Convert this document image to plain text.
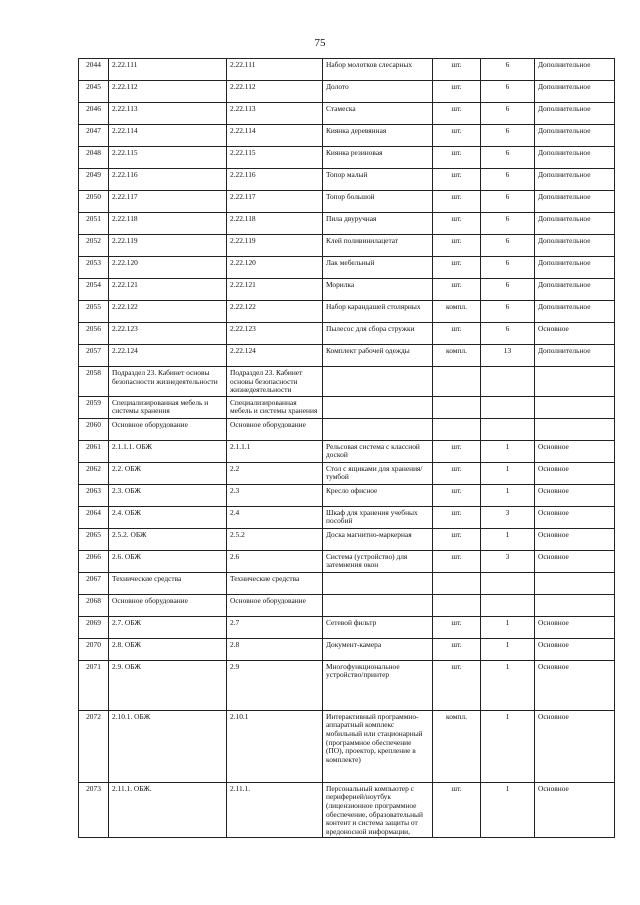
75
2044	2.22.111	2.22.111	Набор молотков слесарных	шт.	6	Дополнительное
2045	2.22.112	2.22.112	Долото	шт.	6	Дополнительное
2046	2.22.113	2.22.113	Стамеска	шт.	6	Дополнительное
2047	2.22.114	2.22.114	Киянка деревянная	шт.	6	Дополнительное
2048	2.22.115	2.22.115	Киянка резиновая	шт.	6	Дополнительное
2049	2.22.116	2.22.116	Топор малый	шт.	6	Дополнительное
2050	2.22.117	2.22.117	Топор большой	шт.	6	Дополнительное
2051	2.22.118	2.22.118	Пила двуручная	шт.	6	Дополнительное
2052	2.22.119	2.22.119	Клей поливинилацетат	шт.	6	Дополнительное
2053	2.22.120	2.22.120	Лак мебельный	шт.	6	Дополнительное
2054	2.22.121	2.22.121	Морилка	шт.	6	Дополнительное
2055	2.22.122	2.22.122	Набор карандашей столярных	компл.	6	Дополнительное
2056	2.22.123	2.22.123	Пылесос для сбора стружки	шт.	6	Основное
2057	2.22.124	2.22.124	Комплект рабочей одежды	компл.	13	Дополнительное
2058	Подраздел 23. Кабинет основы безопасности жизнедеятельности	Подраздел 23. Кабинет основы безопасности жизнедеятельности				
2059	Специализированная мебель и системы хранения	Специализированная мебель и системы хранения				
2060	Основное оборудование	Основное оборудование				
2061	2.1.1.1. ОБЖ	2.1.1.1	Рельсовая система с классной доской	шт.	1	Основное
2062	2.2. ОБЖ	2.2	Стол с ящиками для хранения/тумбой	шт.	1	Основное
2063	2.3. ОБЖ	2.3	Кресло офисное	шт.	1	Основное
2064	2.4. ОБЖ	2.4	Шкаф для хранения учебных пособий	шт.	3	Основное
2065	2.5.2. ОБЖ	2.5.2	Доска магнитно-маркерная	шт.	1	Основное
2066	2.6. ОБЖ	2.6	Система (устройство) для затемнения окон	шт.	3	Основное
2067	Технические средства	Технические средства				
2068	Основное оборудование	Основное оборудование				
2069	2.7. ОБЖ	2.7	Сетевой фильтр	шт.	1	Основное
2070	2.8. ОБЖ	2.8	Документ-камера	шт.	1	Основное
2071	2.9. ОБЖ	2.9	Многофункциональное устройство/принтер	шт.	1	Основное
2072	2.10.1. ОБЖ	2.10.1	Интерактивный программно-аппаратный комплекс мобильный или стационарный (программное обеспечение (ПО), проектор, крепление в комплекте)	компл.	1	Основное
2073	2.11.1. ОБЖ.	2.11.1.	Персональный компьютер с периферией/ноутбук (лицензионное программное обеспечение, образовательный контент и система защиты от вредоносной информации,	шт.	1	Основное
